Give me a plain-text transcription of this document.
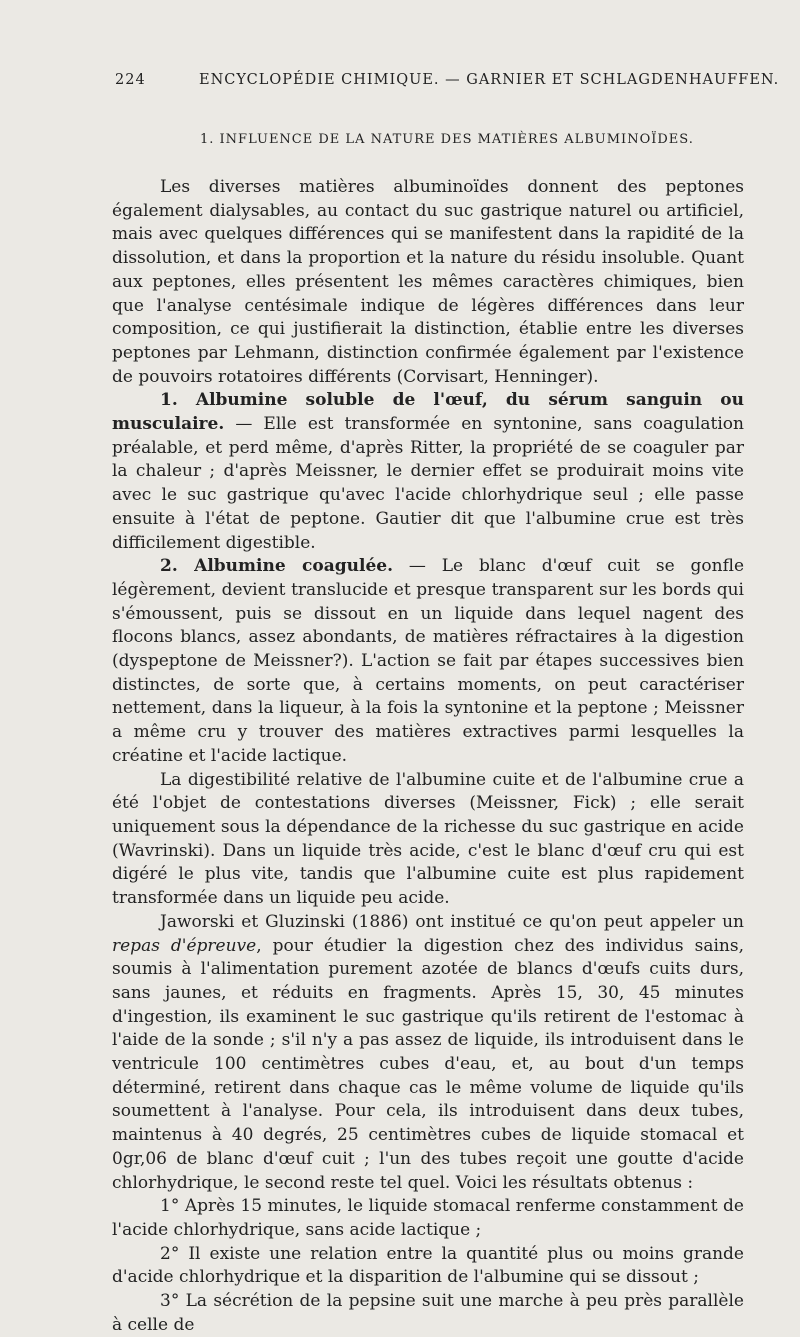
224	ENCYCLOPÉDIE CHIMIQUE. — GARNIER ET SCHLAGDENHAUFFEN.
1. INFLUENCE DE LA NATURE DES MATIÈRES ALBUMINOÏDES.

Les diverses matières albuminoïdes donnent des peptones également dialysables, au contact du suc gastrique naturel ou artificiel, mais avec quelques différences qui se manifestent dans la rapidité de la dissolution, et dans la proportion et la nature du résidu insoluble. Quant aux peptones, elles présentent les mêmes caractères chimiques, bien que l'analyse centésimale indique de légères différences dans leur composition, ce qui justifierait la distinction, établie entre les diverses peptones par Lehmann, distinction confirmée également par l'existence de pouvoirs rotatoires différents (Corvisart, Henninger).

1. Albumine soluble de l'œuf, du sérum sanguin ou musculaire. — Elle est transformée en syntonine, sans coagulation préalable, et perd même, d'après Ritter, la propriété de se coaguler par la chaleur ; d'après Meissner, le dernier effet se produirait moins vite avec le suc gastrique qu'avec l'acide chlorhydrique seul ; elle passe ensuite à l'état de peptone. Gautier dit que l'albumine crue est très difficilement digestible.

2. Albumine coagulée. — Le blanc d'œuf cuit se gonfle légèrement, devient translucide et presque transparent sur les bords qui s'émoussent, puis se dissout en un liquide dans lequel nagent des flocons blancs, assez abondants, de matières réfractaires à la digestion (dyspeptone de Meissner?). L'action se fait par étapes successives bien distinctes, de sorte que, à certains moments, on peut caractériser nettement, dans la liqueur, à la fois la syntonine et la peptone ; Meissner a même cru y trouver des matières extractives parmi lesquelles la créatine et l'acide lactique.

La digestibilité relative de l'albumine cuite et de l'albumine crue a été l'objet de contestations diverses (Meissner, Fick) ; elle serait uniquement sous la dépendance de la richesse du suc gastrique en acide (Wavrinski). Dans un liquide très acide, c'est le blanc d'œuf cru qui est digéré le plus vite, tandis que l'albumine cuite est plus rapidement transformée dans un liquide peu acide.

Jaworski et Gluzinski (1886) ont institué ce qu'on peut appeler un repas d'épreuve, pour étudier la digestion chez des individus sains, soumis à l'alimentation purement azotée de blancs d'œufs cuits durs, sans jaunes, et réduits en fragments. Après 15, 30, 45 minutes d'ingestion, ils examinent le suc gastrique qu'ils retirent de l'estomac à l'aide de la sonde ; s'il n'y a pas assez de liquide, ils introduisent dans le ventricule 100 centimètres cubes d'eau, et, au bout d'un temps déterminé, retirent dans chaque cas le même volume de liquide qu'ils soumettent à l'analyse. Pour cela, ils introduisent dans deux tubes, maintenus à 40 degrés, 25 centimètres cubes de liquide stomacal et 0gr,06 de blanc d'œuf cuit ; l'un des tubes reçoit une goutte d'acide chlorhydrique, le second reste tel quel. Voici les résultats obtenus :

1° Après 15 minutes, le liquide stomacal renferme constamment de l'acide chlorhydrique, sans acide lactique ;

2° Il existe une relation entre la quantité plus ou moins grande d'acide chlorhydrique et la disparition de l'albumine qui se dissout ;

3° La sécrétion de la pepsine suit une marche à peu près parallèle à celle de
